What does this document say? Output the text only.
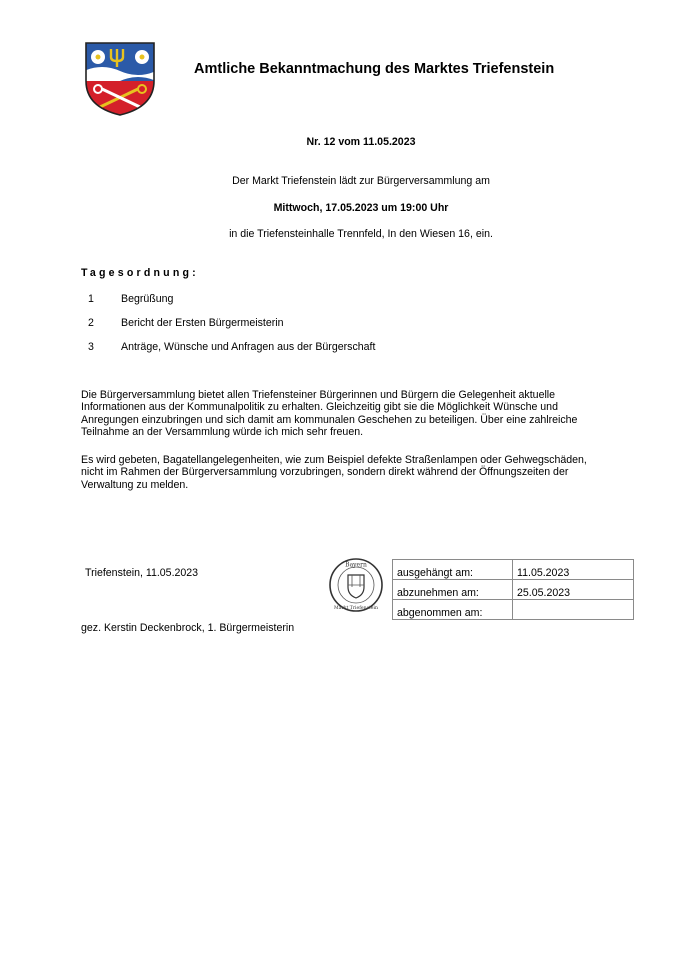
Amtliche Bekanntmachung des Marktes Triefenstein
Nr. 12 vom 11.05.2023
Der Markt Triefenstein lädt zur Bürgerversammlung am
Mittwoch, 17.05.2023 um 19:00 Uhr
in die Triefensteinhalle Trennfeld, In den Wiesen 16, ein.
Tagesordnung:
1	Begrüßung
2	Bericht der Ersten Bürgermeisterin
3	Anträge, Wünsche und Anfragen aus der Bürgerschaft

Die Bürgerversammlung bietet allen Triefensteiner Bürgerinnen und Bürgern die Gelegenheit aktuelle Informationen aus der Kommunalpolitik zu erhalten. Gleichzeitig gibt sie die Möglichkeit Wünsche und Anregungen einzubringen und sich damit am kommunalen Geschehen zu beteiligen. Über eine zahlreiche Teilnahme an der Versammlung würde ich mich sehr freuen.

Es wird gebeten, Bagatellangelegenheiten, wie zum Beispiel defekte Straßenlampen oder Gehwegschäden, nicht im Rahmen der Bürgerversammlung vorzubringen, sondern direkt während der Öffnungszeiten der Verwaltung zu melden.

Triefenstein, 11.05.2023
Bayern
Markt Triefenstein
ausgehängt am:	11.05.2023
abzunehmen am:	25.05.2023
abgenommen am:	
gez. Kerstin Deckenbrock, 1. Bürgermeisterin
